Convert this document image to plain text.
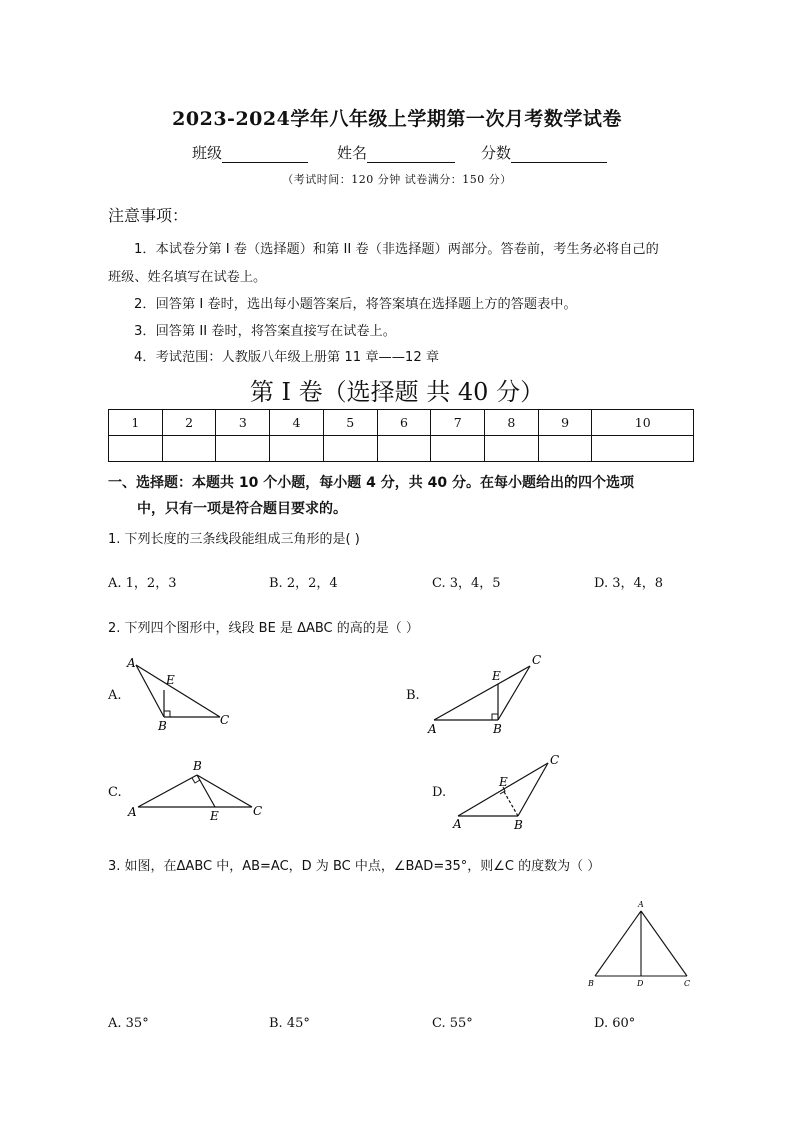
2023-2024学年八年级上学期第一次月考数学试卷
班级	姓名	分数
（考试时间：120 分钟 试卷满分：150 分）
注意事项：
1．本试卷分第 I 卷（选择题）和第 II 卷（非选择题）两部分。答卷前，考生务必将自己的
班级、姓名填写在试卷上。
2．回答第 I 卷时，选出每小题答案后，将答案填在选择题上方的答题表中。
3．回答第 II 卷时，将答案直接写在试卷上。
4．考试范围：人教版八年级上册第 11 章——12 章
第 I 卷（选择题 共 40 分）
1	2	3	4	5	6	7	8	9	10

一、选择题：本题共 10 个小题，每小题 4 分，共 40 分。在每小题给出的四个选项
中，只有一项是符合题目要求的。
1. 下列长度的三条线段能组成三角形的是( )
A. 1，2，3	B. 2，2，4	C. 3，4，5	D. 3，4，8
2. 下列四个图形中，线段 BE 是 ΔABC 的高的是（ ）
A.
A
E
B	C
B.
E
C
A	B
C.
B
A	E	C
D.
E
C
A	B
3. 如图，在ΔABC 中，AB=AC，D 为 BC 中点，∠BAD=35°，则∠C 的度数为（ ）
A
B	D	C
A. 35°	B. 45°	C. 55°	D. 60°
